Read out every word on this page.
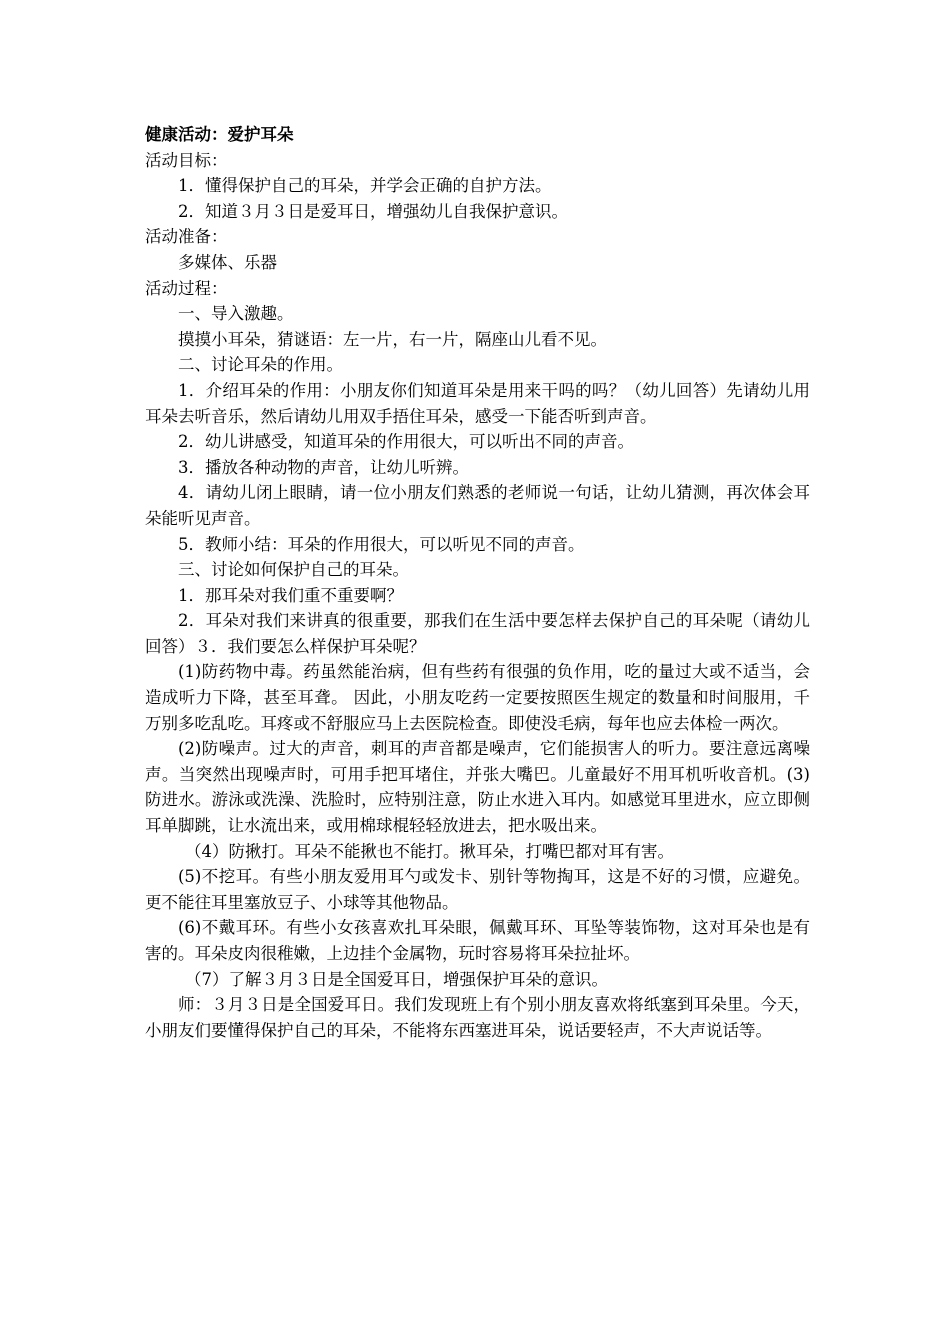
健康活动：爱护耳朵
活动目标：
1．懂得保护自己的耳朵，并学会正确的自护方法。
2．知道３月３日是爱耳日，增强幼儿自我保护意识。
活动准备：
多媒体、乐器
活动过程：
一、导入激趣。
摸摸小耳朵，猜谜语：左一片，右一片，隔座山儿看不见。
二、讨论耳朵的作用。
1．介绍耳朵的作用：小朋友你们知道耳朵是用来干吗的吗？（幼儿回答）先请幼儿用耳朵去听音乐，然后请幼儿用双手捂住耳朵，感受一下能否听到声音。
2．幼儿讲感受，知道耳朵的作用很大，可以听出不同的声音。
3．播放各种动物的声音，让幼儿听辨。
4．请幼儿闭上眼睛，请一位小朋友们熟悉的老师说一句话，让幼儿猜测，再次体会耳朵能听见声音。
5．教师小结：耳朵的作用很大，可以听见不同的声音。
三、讨论如何保护自己的耳朵。
1．那耳朵对我们重不重要啊？
2．耳朵对我们来讲真的很重要，那我们在生活中要怎样去保护自己的耳朵呢（请幼儿回答）３．我们要怎么样保护耳朵呢？
(1)防药物中毒。药虽然能治病，但有些药有很强的负作用，吃的量过大或不适当，会造成听力下降，甚至耳聋。 因此，小朋友吃药一定要按照医生规定的数量和时间服用，千万别多吃乱吃。耳疼或不舒服应马上去医院检查。即使没毛病，每年也应去体检一两次。
(2)防噪声。过大的声音，刺耳的声音都是噪声，它们能损害人的听力。要注意远离噪声。当突然出现噪声时，可用手把耳堵住，并张大嘴巴。儿童最好不用耳机听收音机。(3)防进水。游泳或洗澡、洗脸时，应特别注意，防止水进入耳内。如感觉耳里进水，应立即侧耳单脚跳，让水流出来，或用棉球棍轻轻放进去，把水吸出来。
（4）防揪打。耳朵不能揪也不能打。揪耳朵，打嘴巴都对耳有害。
(5)不挖耳。有些小朋友爱用耳勺或发卡、别针等物掏耳，这是不好的习惯，应避免。更不能往耳里塞放豆子、小球等其他物品。
(6)不戴耳环。有些小女孩喜欢扎耳朵眼，佩戴耳环、耳坠等装饰物，这对耳朵也是有害的。耳朵皮肉很稚嫩，上边挂个金属物，玩时容易将耳朵拉扯坏。
（7）了解３月３日是全国爱耳日，增强保护耳朵的意识。
师：３月３日是全国爱耳日。我们发现班上有个别小朋友喜欢将纸塞到耳朵里。今天，小朋友们要懂得保护自己的耳朵，不能将东西塞进耳朵，说话要轻声，不大声说话等。
